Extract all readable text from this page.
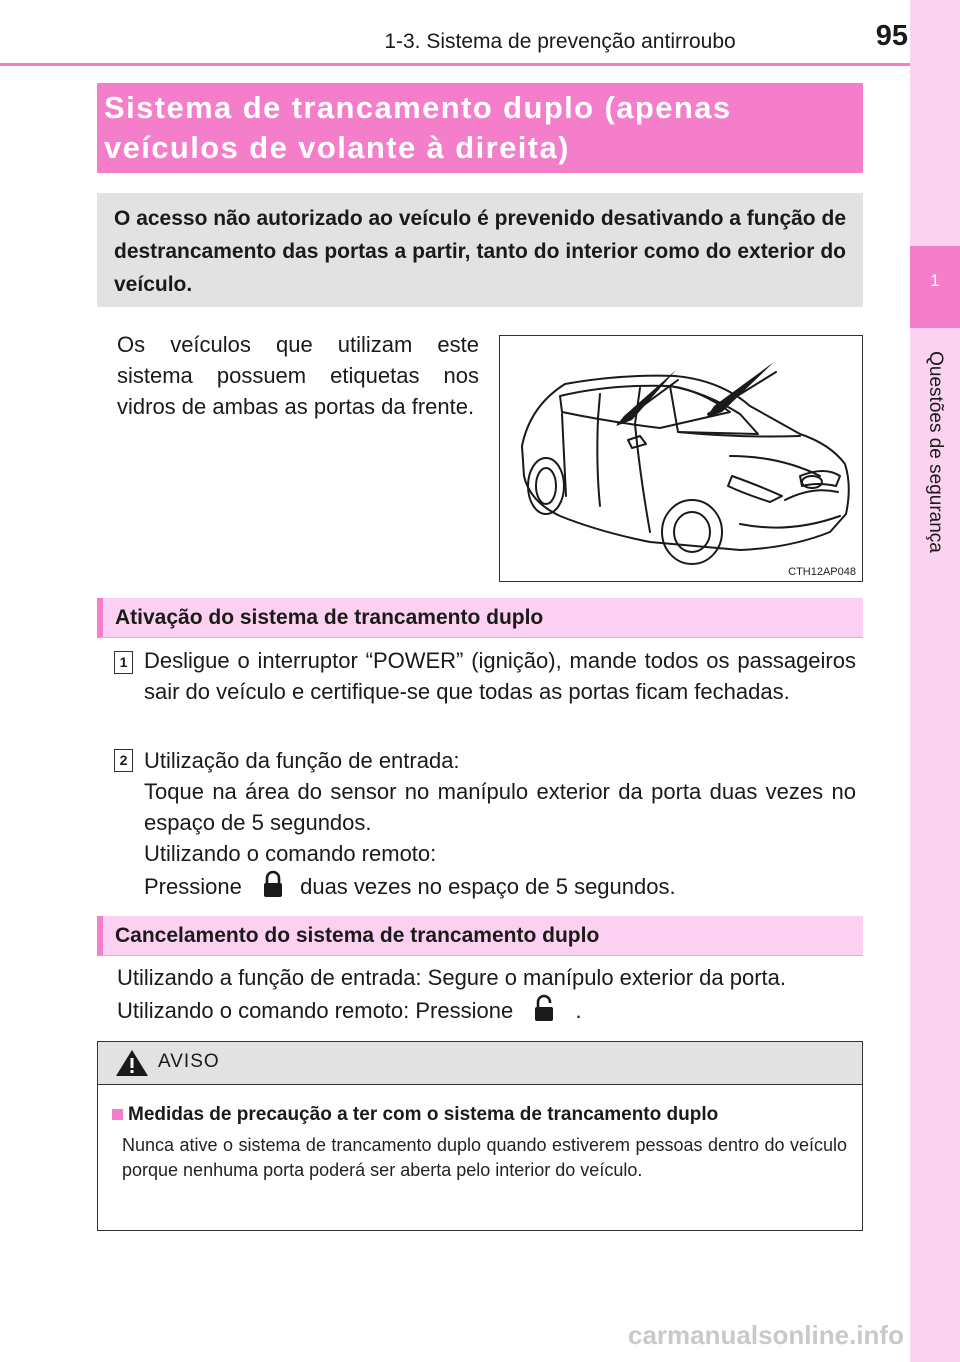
1-3. Sistema de prevenção antirroubo	95
1
Questões de segurança
Sistema de trancamento duplo (apenas veículos de volante à direita)
O acesso não autorizado ao veículo é prevenido desativando a função de destrancamento das portas a partir, tanto do interior como do exterior do veículo.
Os veículos que utilizam este sistema possuem etiquetas nos vidros de ambas as portas da frente.
CTH12AP048
Ativação do sistema de trancamento duplo
1 Desligue o interruptor “POWER” (ignição), mande todos os passageiros sair do veículo e certifique-se que todas as portas ficam fechadas.
2 Utilização da função de entrada:
Toque na área do sensor no manípulo exterior da porta duas vezes no espaço de 5 segundos.
Utilizando o comando remoto:
Pressione	duas vezes no espaço de 5 segundos.
Cancelamento do sistema de trancamento duplo
Utilizando a função de entrada: Segure o manípulo exterior da porta.
Utilizando o comando remoto: Pressione	.
AVISO
Medidas de precaução a ter com o sistema de trancamento duplo
Nunca ative o sistema de trancamento duplo quando estiverem pessoas dentro do veículo porque nenhuma porta poderá ser aberta pelo interior do veículo.
carmanualsonline.info
